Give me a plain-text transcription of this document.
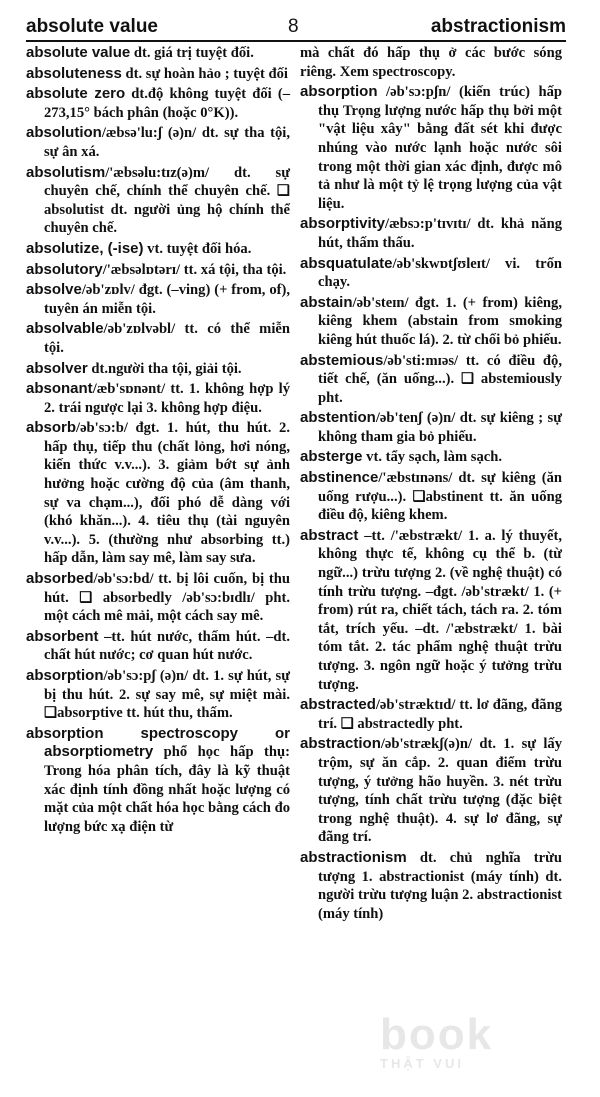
absolute value	8	abstractionism
absolute value dt. giá trị tuyệt đối.
absoluteness dt. sự hoàn hảo ; tuyệt đối
absolute zero dt.độ không tuyệt đối (–273,15° bách phân (hoặc 0°K)).
absolution/æbsə'lu:ʃ (ə)n/ dt. sự tha tội, sự ân xá.
absolutism/'æbsəlu:tɪz(ə)m/ dt. sự chuyên chế, chính thể chuyên chế. ❑ absolutist dt. người ủng hộ chính thể chuyên chế.
absolutize, (-ise) vt. tuyệt đối hóa.
absolutory/'æbsəlɒtərɪ/ tt. xá tội, tha tội.
absolve/əb'zɒlv/ đgt. (–ving) (+ from, of), tuyên án miễn tội.
absolvable/əb'zɒlvəbl/ tt. có thể miễn tội.
absolver dt.người tha tội, giải tội.
absonant/æb'sɒnənt/ tt. 1. không hợp lý 2. trái ngược lại 3. không hợp điệu.
absorb/əb'sɔ:b/ đgt. 1. hút, thu hút. 2. hấp thụ, tiếp thu (chất lỏng, hơi nóng, kiến thức v.v...). 3. giảm bớt sự ảnh hưởng hoặc cường độ của (âm thanh, sự va chạm...), đối phó dễ dàng với (khó khăn...). 4. tiêu thụ (tài nguyên v.v...). 5. (thường như absorbing tt.) hấp dẫn, làm say mê, làm say sưa.
absorbed/əb'sɔ:bd/ tt. bị lôi cuốn, bị thu hút. ❑ absorbedly /əb'sɔ:bɪdlɪ/ pht. một cách mê mải, một cách say mê.
absorbent –tt. hút nước, thấm hút. –dt. chất hút nước; cơ quan hút nước.
absorption/əb'sɔ:pʃ (ə)n/ dt. 1. sự hút, sự bị thu hút. 2. sự say mê, sự miệt mài. ❑absorptive tt. hút thu, thấm.
absorption spectroscopy or absorptiometry phổ học hấp thụ: Trong hóa phân tích, đây là kỹ thuật xác định tính đồng nhất hoặc lượng có mặt của một chất hóa học bằng cách đo lượng bức xạ điện từ
mà chất đó hấp thụ ở các bước sóng riêng. Xem spectroscopy.
absorption /əb'sɔ:pʃn/ (kiến trúc) hấp thụ Trọng lượng nước hấp thụ bởi một "vật liệu xây" bằng đất sét khi được nhúng vào nước lạnh hoặc nước sôi trong một thời gian xác định, được mô tả như là một tỷ lệ trọng lượng của vật liệu.
absorptivity/æbsɔ:p'tɪvɪtɪ/ dt. khả năng hút, thấm thấu.
absquatulate/əb'skwɒtʃʊleɪt/ vi. trốn chạy.
abstain/əb'steɪn/ đgt. 1. (+ from) kiêng, kiêng khem (abstain from smoking kiêng hút thuốc lá). 2. từ chối bỏ phiếu.
abstemious/əb'sti:mɪəs/ tt. có điều độ, tiết chế, (ăn uống...). ❑ abstemiously pht.
abstention/əb'tenʃ (ə)n/ dt. sự kiêng ; sự không tham gia bỏ phiếu.
absterge vt. tẩy sạch, làm sạch.
abstinence/'æbstɪnəns/ dt. sự kiêng (ăn uống rượu...). ❑abstinent tt. ăn uống điều độ, kiêng khem.
abstract –tt. /'æbstrækt/ 1. a. lý thuyết, không thực tế, không cụ thể b. (từ ngữ...) trừu tượng 2. (về nghệ thuật) có tính trừu tượng. –đgt. /əb'strækt/ 1. (+ from) rút ra, chiết tách, tách ra. 2. tóm tắt, trích yếu. –dt. /'æbstrækt/ 1. bài tóm tắt. 2. tác phẩm nghệ thuật trừu tượng. 3. ngôn ngữ hoặc ý tưởng trừu tượng.
abstracted/əb'stræktɪd/ tt. lơ đãng, đãng trí. ❑ abstractedly pht.
abstraction/əb'strækʃ(ə)n/ dt. 1. sự lấy trộm, sự ăn cắp. 2. quan điểm trừu tượng, ý tưởng hão huyền. 3. nét trừu tượng, tính chất trừu tượng (đặc biệt trong nghệ thuật). 4. sự lơ đãng, sự đãng trí.
abstractionism dt. chủ nghĩa trừu tượng 1. abstractionist (máy tính) dt. người trừu tượng luận 2. abstractionist (máy tính)
book
THẬT VUI
